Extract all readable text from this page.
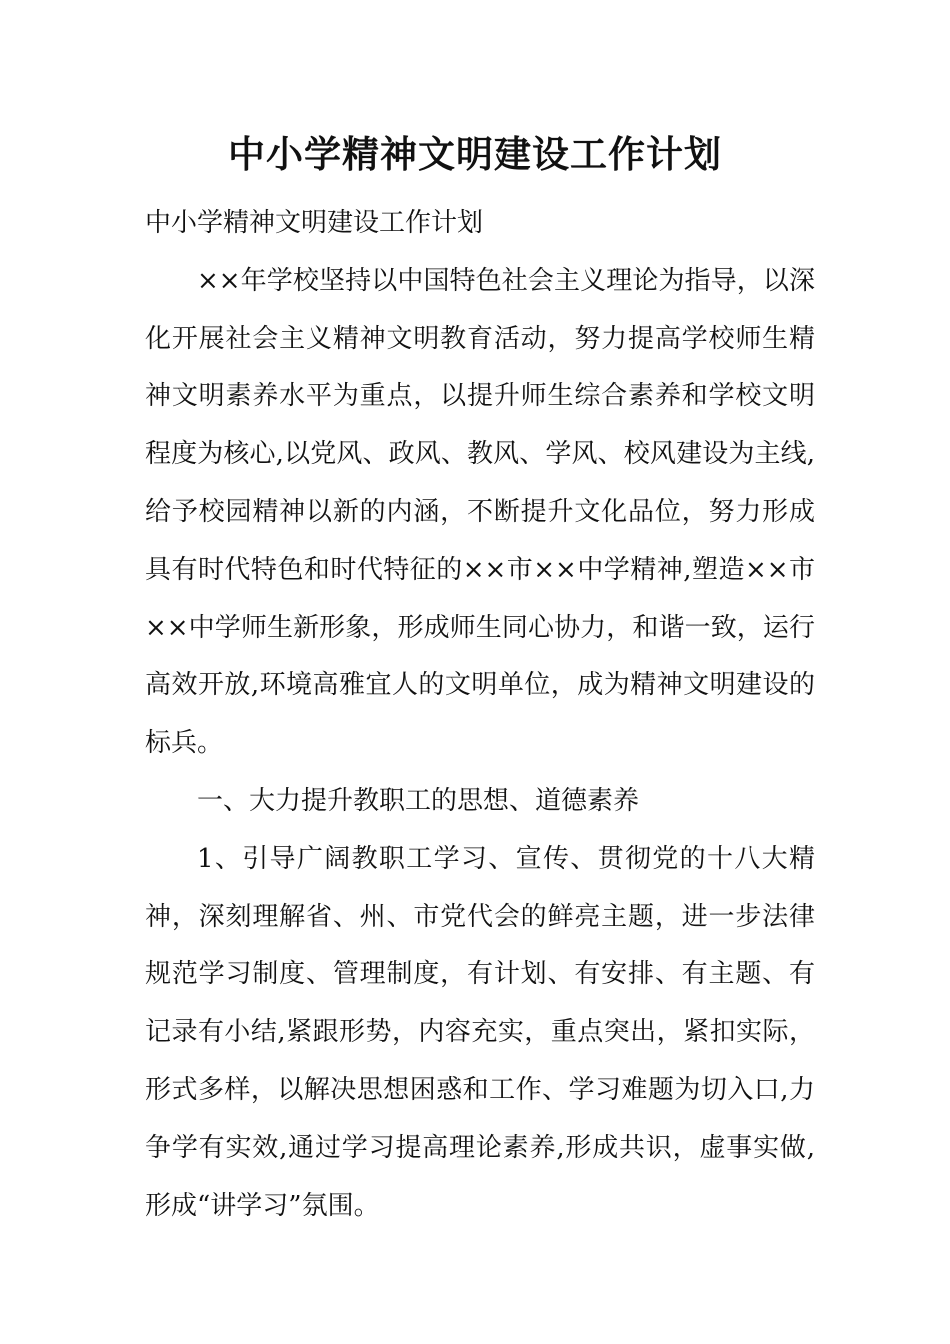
中小学精神文明建设工作计划

中小学精神文明建设工作计划

××年学校坚持以中国特色社会主义理论为指导，以深化开展社会主义精神文明教育活动，努力提高学校师生精神文明素养水平为重点，以提升师生综合素养和学校文明程度为核心,以党风、政风、教风、学风、校风建设为主线,给予校园精神以新的内涵，不断提升文化品位，努力形成具有时代特色和时代特征的××市××中学精神,塑造××市××中学师生新形象，形成师生同心协力，和谐一致，运行高效开放,环境高雅宜人的文明单位，成为精神文明建设的标兵。

一、大力提升教职工的思想、道德素养

1、引导广阔教职工学习、宣传、贯彻党的十八大精神，深刻理解省、州、市党代会的鲜亮主题，进一步法律规范学习制度、管理制度，有计划、有安排、有主题、有记录有小结,紧跟形势，内容充实，重点突出，紧扣实际，形式多样，以解决思想困惑和工作、学习难题为切入口,力争学有实效,通过学习提高理论素养,形成共识，虚事实做,形成“讲学习”氛围。
